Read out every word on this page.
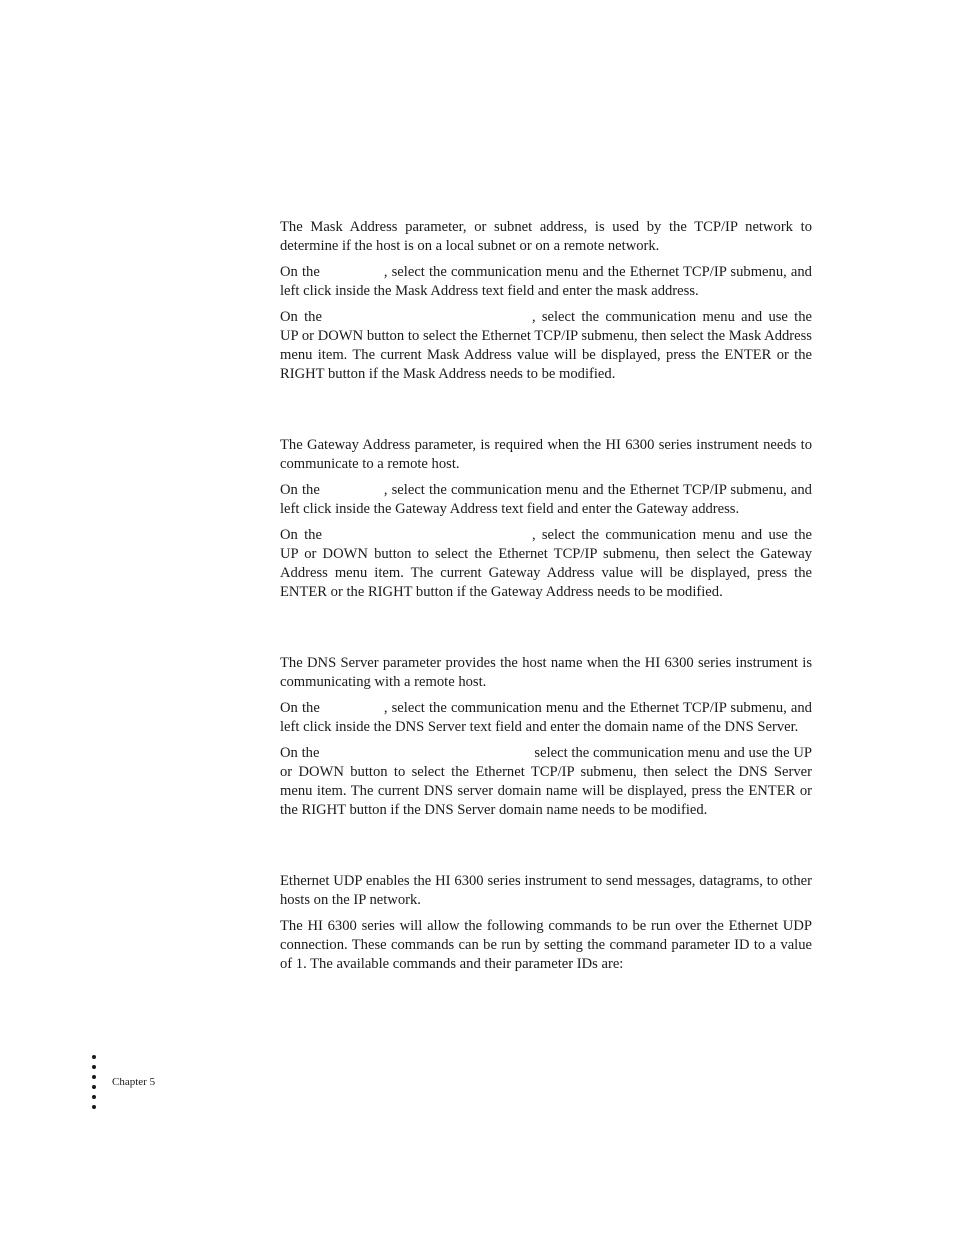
The Mask Address parameter, or subnet address, is used by the TCP/IP network to determine if the host is on a local subnet or on a remote network.

On the	, select the communication menu and the Ethernet TCP/IP submenu, and left click inside the Mask Address text field and enter the mask address.

On the	, select the communication menu and use the UP or DOWN button to select the Ethernet TCP/IP submenu, then select the Mask Address menu item. The current Mask Address value will be displayed, press the ENTER or the RIGHT button if the Mask Address needs to be modified.

The Gateway Address parameter, is required when the HI 6300 series instrument needs to communicate to a remote host.

On the	, select the communication menu and the Ethernet TCP/IP submenu, and left click inside the Gateway Address text field and enter the Gateway address.

On the	, select the communication menu and use the UP or DOWN button to select the Ethernet TCP/IP submenu, then select the Gateway Address menu item. The current Gateway Address value will be displayed, press the ENTER or the RIGHT button if the Gateway Address needs to be modified.

The DNS Server parameter provides the host name when the HI 6300 series instrument is communicating with a remote host.

On the	, select the communication menu and the Ethernet TCP/IP submenu, and left click inside the DNS Server text field and enter the domain name of the DNS Server.

On the	select the communication menu and use the UP or DOWN button to select the Ethernet TCP/IP submenu, then select the DNS Server menu item. The current DNS server domain name will be displayed, press the ENTER or the RIGHT button if the DNS Server domain name needs to be modified.

Ethernet UDP enables the HI 6300 series instrument to send messages, datagrams, to other hosts on the IP network.

The HI 6300 series will allow the following commands to be run over the Ethernet UDP connection. These commands can be run by setting the command parameter ID to a value of 1. The available commands and their parameter IDs are:

Chapter 5
